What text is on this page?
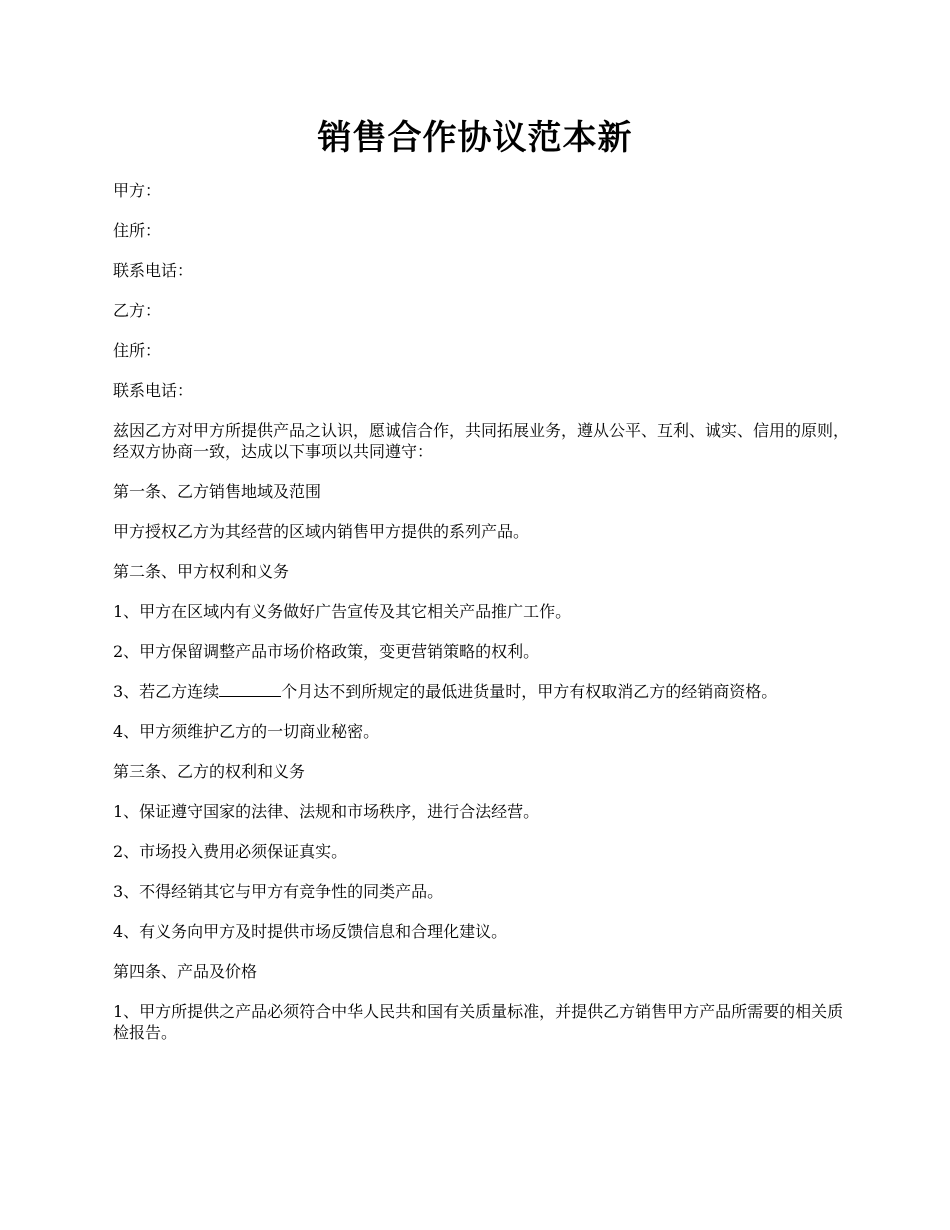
销售合作协议范本新

甲方：

住所：

联系电话：

乙方：

住所：

联系电话：

兹因乙方对甲方所提供产品之认识，愿诚信合作，共同拓展业务，遵从公平、互利、诚实、信用的原则，经双方协商一致，达成以下事项以共同遵守：

第一条、乙方销售地域及范围

甲方授权乙方为其经营的区域内销售甲方提供的系列产品。

第二条、甲方权利和义务

1、甲方在区域内有义务做好广告宣传及其它相关产品推广工作。

2、甲方保留调整产品市场价格政策，变更营销策略的权利。

3、若乙方连续	个月达不到所规定的最低进货量时，甲方有权取消乙方的经销商资格。

4、甲方须维护乙方的一切商业秘密。

第三条、乙方的权利和义务

1、保证遵守国家的法律、法规和市场秩序，进行合法经营。

2、市场投入费用必须保证真实。

3、不得经销其它与甲方有竞争性的同类产品。

4、有义务向甲方及时提供市场反馈信息和合理化建议。

第四条、产品及价格

1、甲方所提供之产品必须符合中华人民共和国有关质量标准，并提供乙方销售甲方产品所需要的相关质检报告。
